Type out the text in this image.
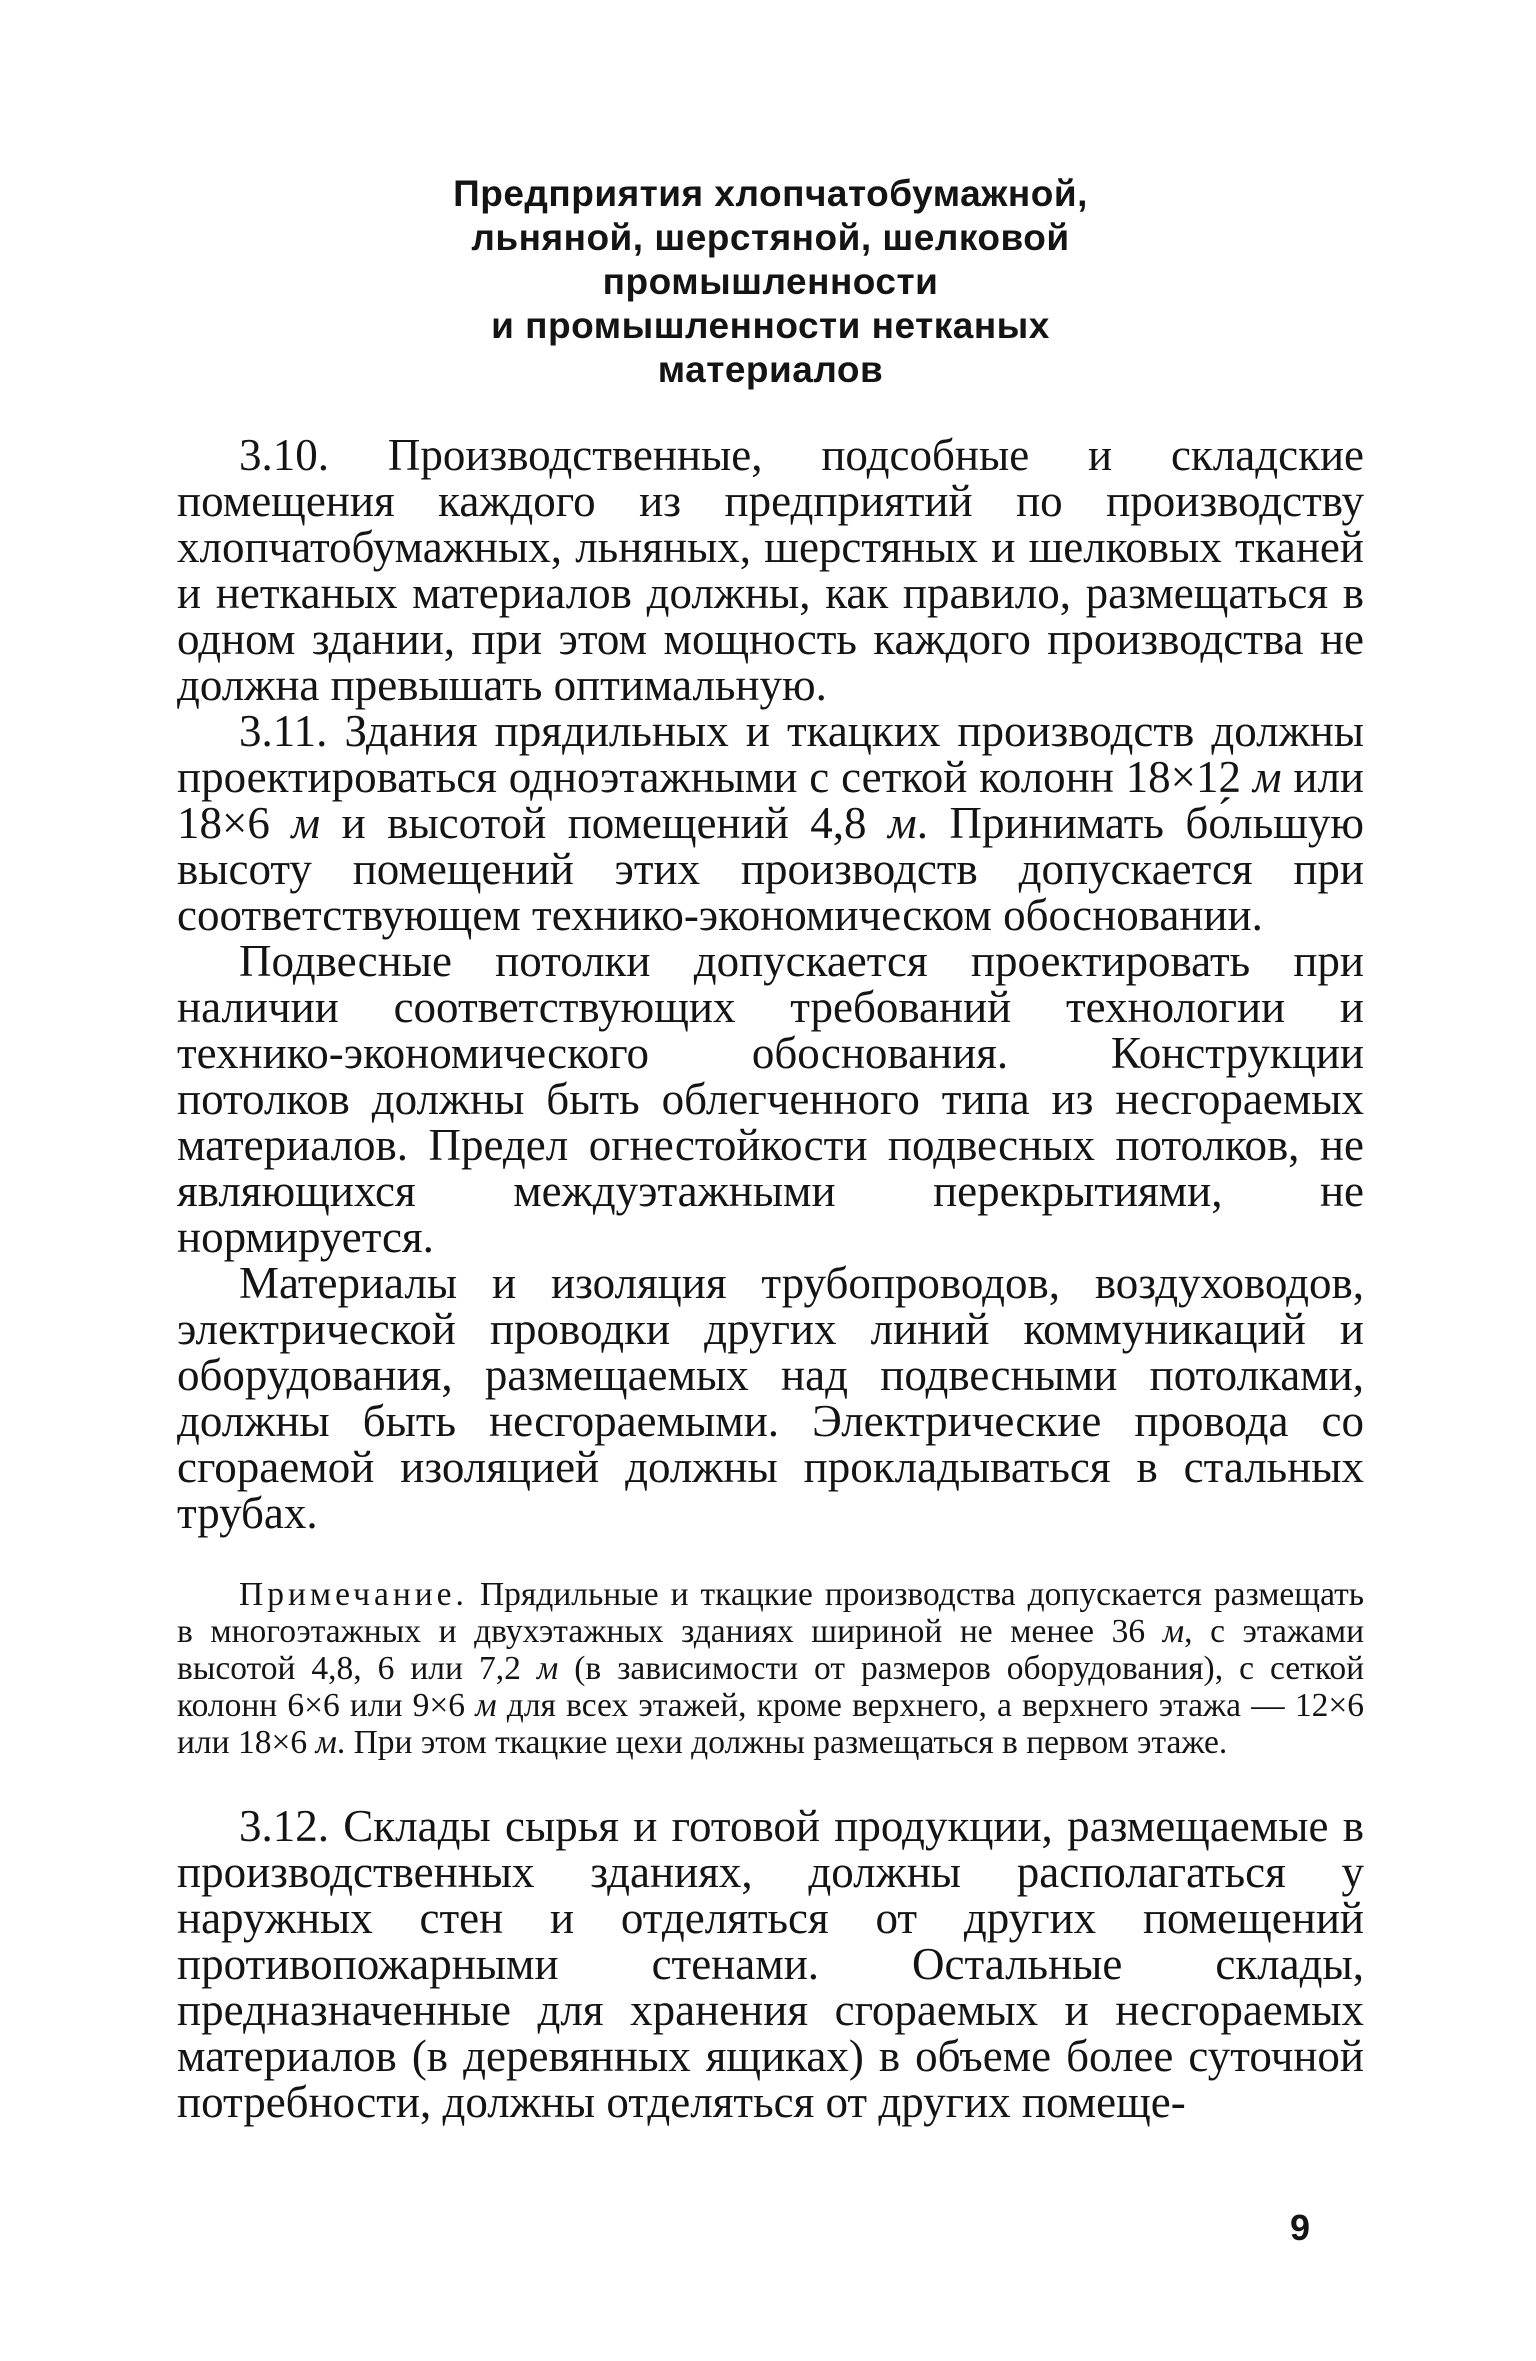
Предприятия хлопчатобумажной,
льняной, шерстяной, шелковой
промышленности
и промышленности нетканых
материалов

3.10. Производственные, подсобные и складские помещения каждого из предприятий по производству хлопчатобумажных, льняных, шерстяных и шелковых тканей и нетканых материалов должны, как правило, размещаться в одном здании, при этом мощность каждого производства не должна превышать оптимальную.

3.11. Здания прядильных и ткацких производств должны проектироваться одноэтажными с сеткой колонн 18×12 м или 18×6 м и высотой помещений 4,8 м. Принимать бо́льшую высоту помещений этих производств допускается при соответствующем технико-экономическом обосновании.

Подвесные потолки допускается проектировать при наличии соответствующих требований технологии и технико-экономического обоснования. Конструкции потолков должны быть облегченного типа из несгораемых материалов. Предел огнестойкости подвесных потолков, не являющихся междуэтажными перекрытиями, не нормируется.

Материалы и изоляция трубопроводов, воздуховодов, электрической проводки других линий коммуникаций и оборудования, размещаемых над подвесными потолками, должны быть несгораемыми. Электрические провода со сгораемой изоляцией должны прокладываться в стальных трубах.

Примечание. Прядильные и ткацкие производства допускается размещать в многоэтажных и двухэтажных зданиях шириной не менее 36 м, с этажами высотой 4,8, 6 или 7,2 м (в зависимости от размеров оборудования), с сеткой колонн 6×6 или 9×6 м для всех этажей, кроме верхнего, а верхнего этажа — 12×6 или 18×6 м. При этом ткацкие цехи должны размещаться в первом этаже.

3.12. Склады сырья и готовой продукции, размещаемые в производственных зданиях, должны располагаться у наружных стен и отделяться от других помещений противопожарными стенами. Остальные склады, предназначенные для хранения сгораемых и несгораемых материалов (в деревянных ящиках) в объеме более суточной потребности, должны отделяться от других помеще-

9
